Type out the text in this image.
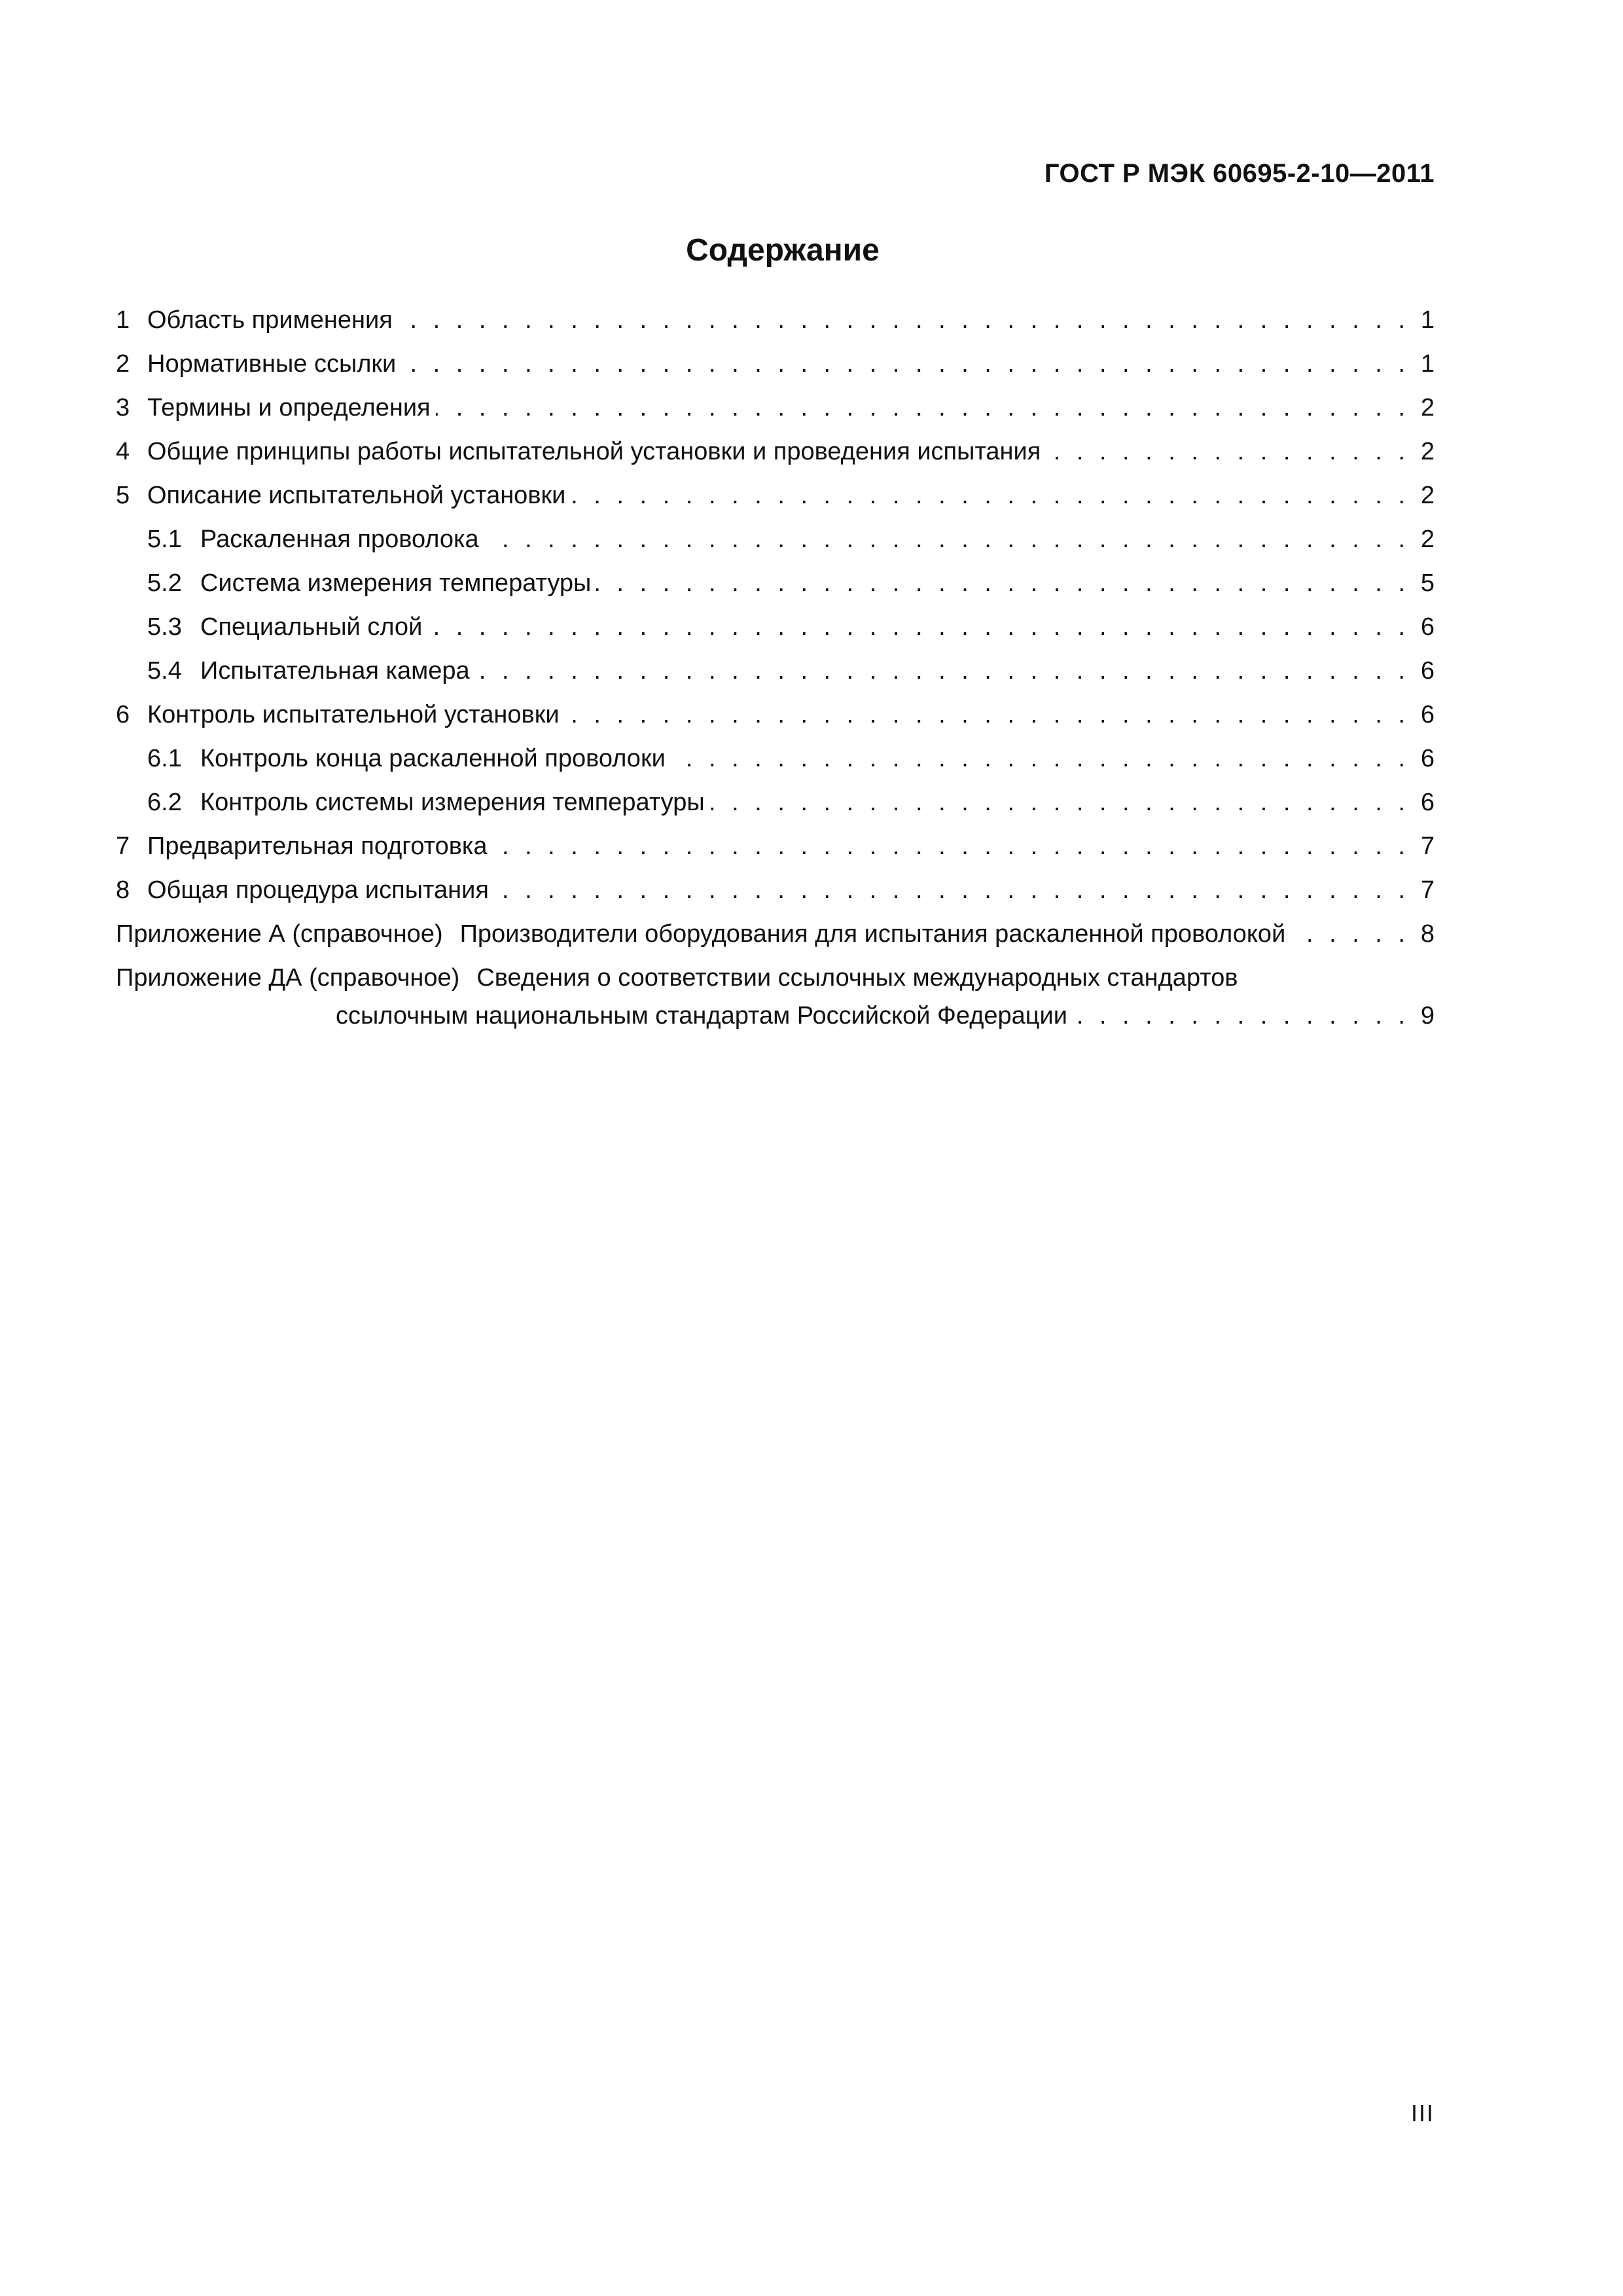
ГОСТ Р МЭК 60695-2-10—2011
Содержание
1 Область применения . . .	1
2 Нормативные ссылки . . .	1
3 Термины и определения . . .	2
4 Общие принципы работы испытательной установки и проведения испытания . . .	2
5 Описание испытательной установки . . .	2
5.1 Раскаленная проволока . . .	2
5.2 Система измерения температуры . . .	5
5.3 Специальный слой . . .	6
5.4 Испытательная камера . . .	6
6 Контроль испытательной установки . . .	6
6.1 Контроль конца раскаленной проволоки . . .	6
6.2 Контроль системы измерения температуры . . .	6
7 Предварительная подготовка . . .	7
8 Общая процедура испытания . . .	7
Приложение А (справочное) Производители оборудования для испытания раскаленной проволокой . . .	8
Приложение ДА (справочное) Сведения о соответствии ссылочных международных стандартов
ссылочным национальным стандартам Российской Федерации . . .	9
III
